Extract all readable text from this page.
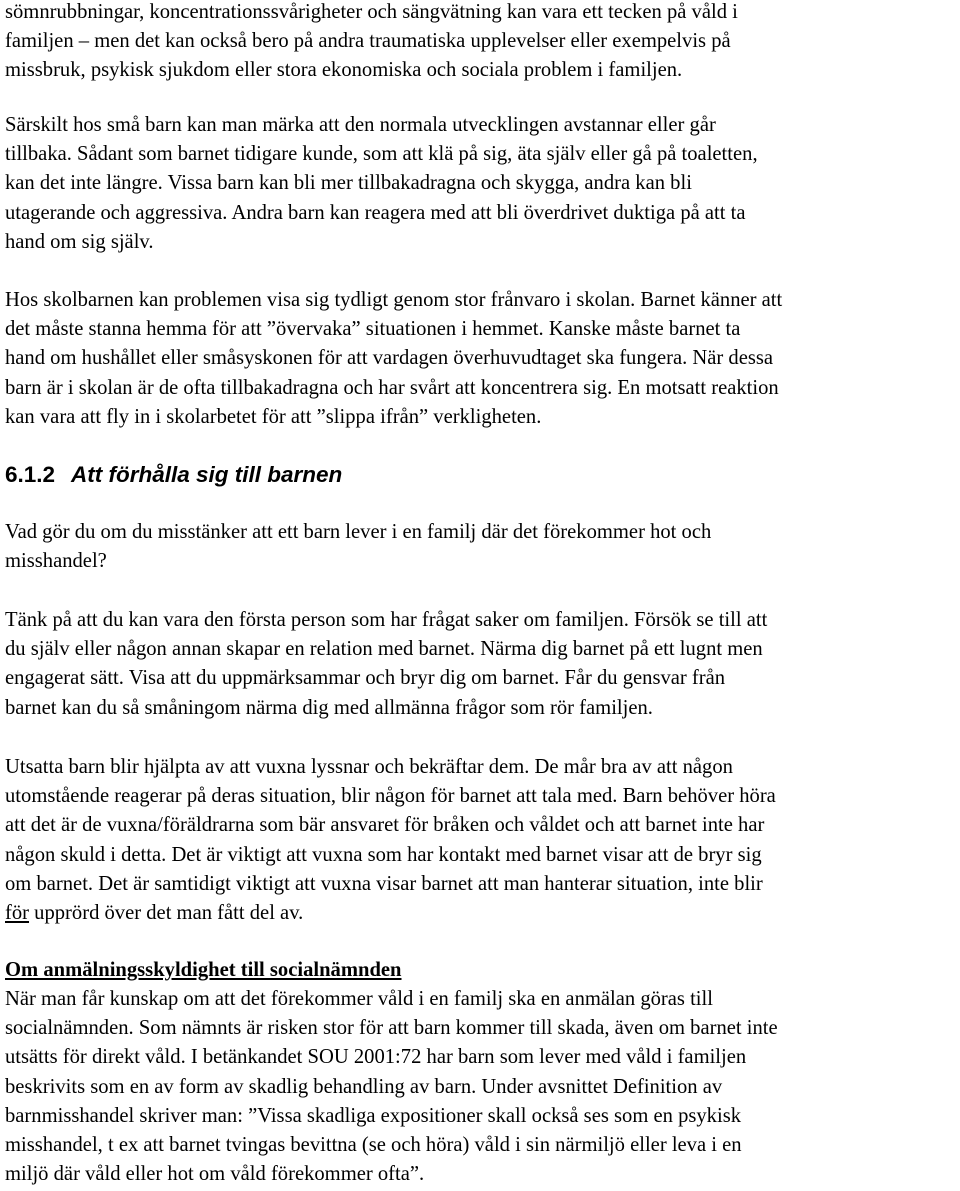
sömnrubbningar, koncentrationssvårigheter och sängvätning kan vara ett tecken på våld i
familjen – men det kan också bero på andra traumatiska upplevelser eller exempelvis på
missbruk, psykisk sjukdom eller stora ekonomiska och sociala problem i familjen.

Särskilt hos små barn kan man märka att den normala utvecklingen avstannar eller går
tillbaka. Sådant som barnet tidigare kunde, som att klä på sig, äta själv eller gå på toaletten,
kan det inte längre. Vissa barn kan bli mer tillbakadragna och skygga, andra kan bli
utagerande och aggressiva. Andra barn kan reagera med att bli överdrivet duktiga på att ta
hand om sig själv.

Hos skolbarnen kan problemen visa sig tydligt genom stor frånvaro i skolan. Barnet känner att
det måste stanna hemma för att ”övervaka” situationen i hemmet. Kanske måste barnet ta
hand om hushållet eller småsyskonen för att vardagen överhuvudtaget ska fungera. När dessa
barn är i skolan är de ofta tillbakadragna och har svårt att koncentrera sig. En motsatt reaktion
kan vara att fly in i skolarbetet för att ”slippa ifrån” verkligheten.

6.1.2 Att förhålla sig till barnen

Vad gör du om du misstänker att ett barn lever i en familj där det förekommer hot och
misshandel?

Tänk på att du kan vara den första person som har frågat saker om familjen. Försök se till att
du själv eller någon annan skapar en relation med barnet. Närma dig barnet på ett lugnt men
engagerat sätt. Visa att du uppmärksammar och bryr dig om barnet. Får du gensvar från
barnet kan du så småningom närma dig med allmänna frågor som rör familjen.

Utsatta barn blir hjälpta av att vuxna lyssnar och bekräftar dem. De mår bra av att någon
utomstående reagerar på deras situation, blir någon för barnet att tala med. Barn behöver höra
att det är de vuxna/föräldrarna som bär ansvaret för bråken och våldet och att barnet inte har
någon skuld i detta. Det är viktigt att vuxna som har kontakt med barnet visar att de bryr sig
om barnet. Det är samtidigt viktigt att vuxna visar barnet att man hanterar situation, inte blir
för upprörd över det man fått del av.

Om anmälningsskyldighet till socialnämnden

När man får kunskap om att det förekommer våld i en familj ska en anmälan göras till
socialnämnden. Som nämnts är risken stor för att barn kommer till skada, även om barnet inte
utsätts för direkt våld. I betänkandet SOU 2001:72 har barn som lever med våld i familjen
beskrivits som en av form av skadlig behandling av barn. Under avsnittet Definition av
barnmisshandel skriver man: ”Vissa skadliga expositioner skall också ses som en psykisk
misshandel, t ex att barnet tvingas bevittna (se och höra) våld i sin närmiljö eller leva i en
miljö där våld eller hot om våld förekommer ofta”.
